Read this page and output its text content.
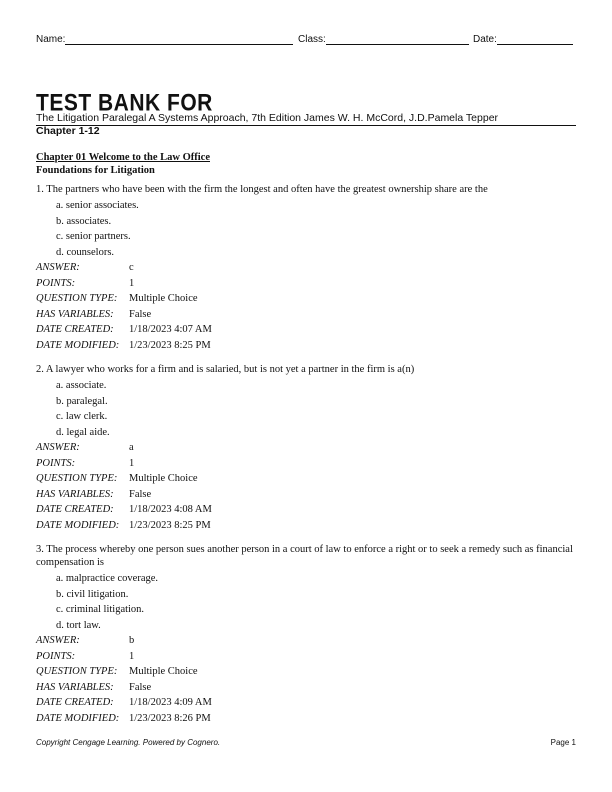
Name:	Class:	Date:
TEST BANK FOR
The Litigation Paralegal A Systems Approach, 7th Edition James W. H. McCord, J.D.Pamela Tepper
Chapter 1-12
Chapter 01 Welcome to the Law Office
Foundations for Litigation
1. The partners who have been with the firm the longest and often have the greatest ownership share are the
a. senior associates.
b. associates.
c. senior partners.
d. counselors.
ANSWER:	c
POINTS:	1
QUESTION TYPE:	Multiple Choice
HAS VARIABLES:	False
DATE CREATED:	1/18/2023 4:07 AM
DATE MODIFIED: 1/23/2023 8:25 PM
2. A lawyer who works for a firm and is salaried, but is not yet a partner in the firm is a(n)
a. associate.
b. paralegal.
c. law clerk.
d. legal aide.
ANSWER:	a
POINTS:	1
QUESTION TYPE:	Multiple Choice
HAS VARIABLES:	False
DATE CREATED:	1/18/2023 4:08 AM
DATE MODIFIED: 1/23/2023 8:25 PM
3. The process whereby one person sues another person in a court of law to enforce a right or to seek a remedy such as financial compensation is
a. malpractice coverage.
b. civil litigation.
c. criminal litigation.
d. tort law.
ANSWER:	b
POINTS:	1
QUESTION TYPE:	Multiple Choice
HAS VARIABLES:	False
DATE CREATED:	1/18/2023 4:09 AM
DATE MODIFIED: 1/23/2023 8:26 PM
Copyright Cengage Learning. Powered by Cognero.	Page 1
